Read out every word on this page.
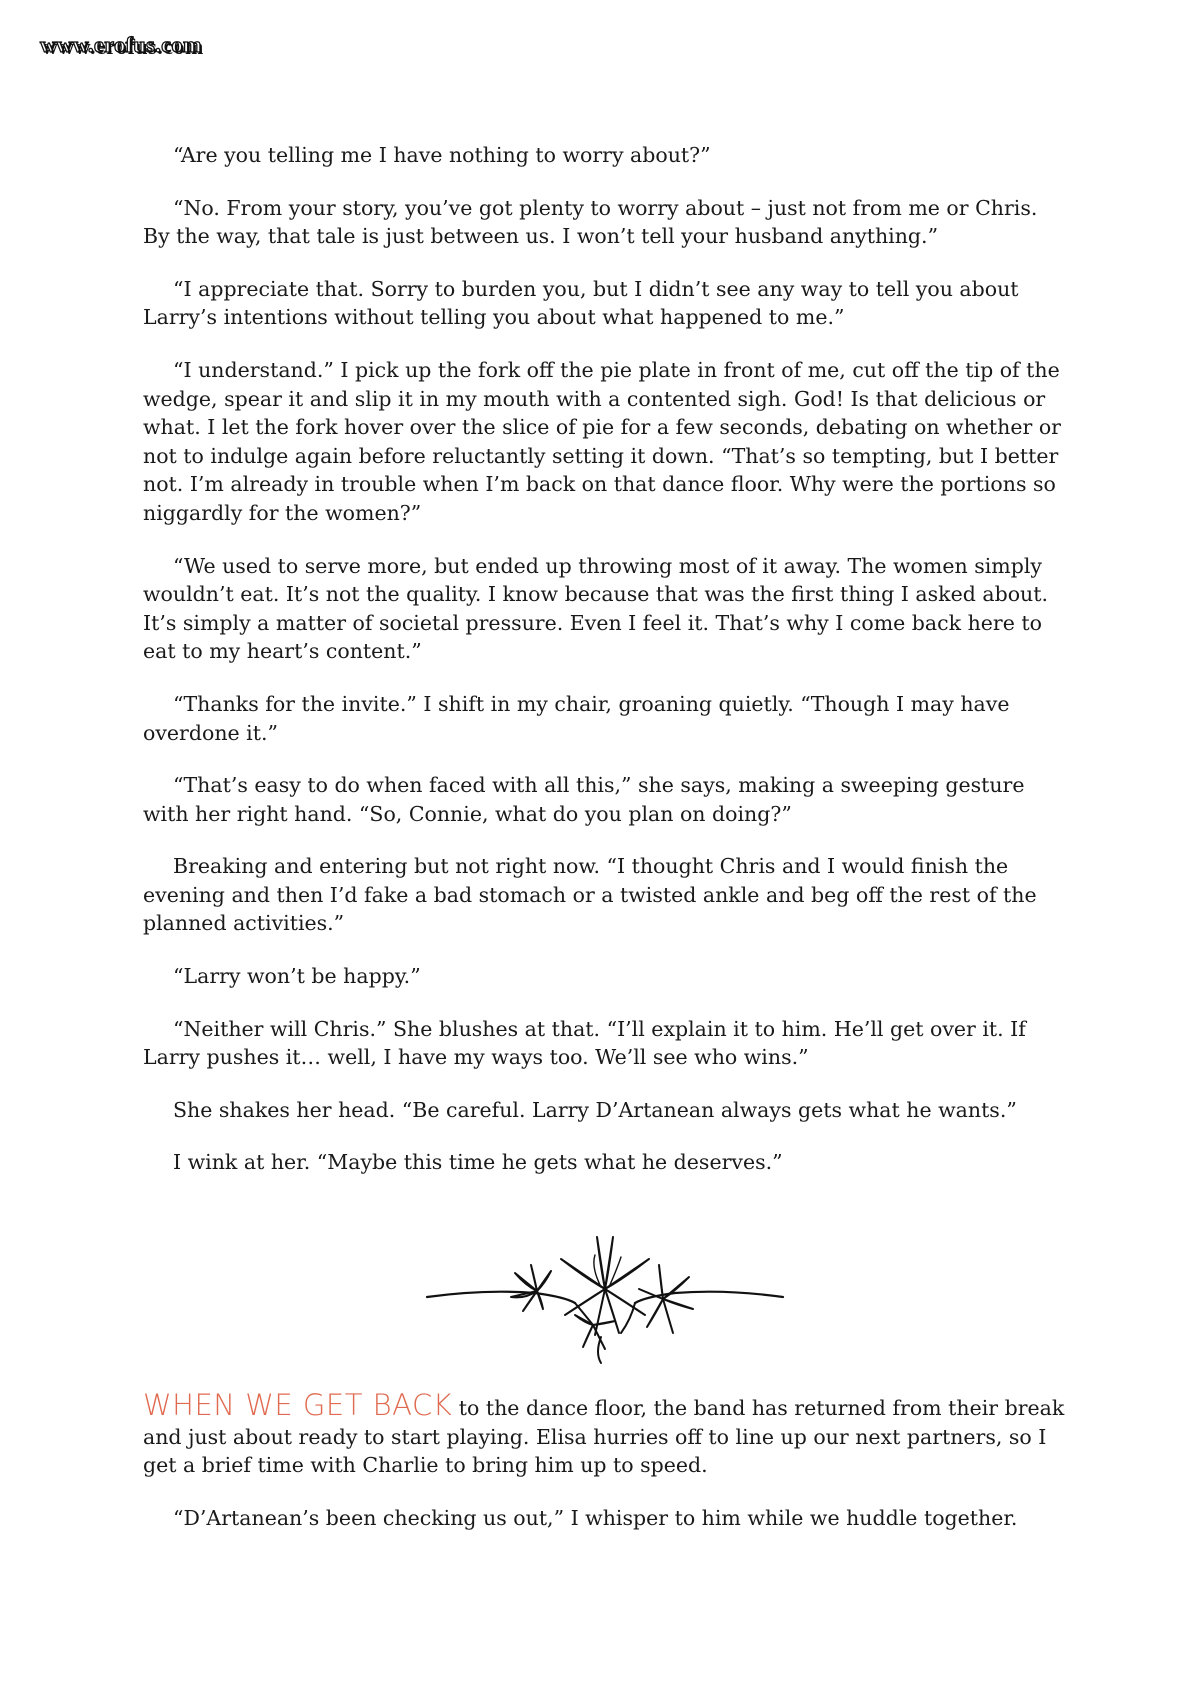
www.erofus.com

“Are you telling me I have nothing to worry about?”

“No. From your story, you’ve got plenty to worry about – just not from me or Chris. By the way, that tale is just between us. I won’t tell your husband anything.”

“I appreciate that. Sorry to burden you, but I didn’t see any way to tell you about Larry’s intentions without telling you about what happened to me.”

“I understand.” I pick up the fork off the pie plate in front of me, cut off the tip of the wedge, spear it and slip it in my mouth with a contented sigh. God! Is that delicious or what. I let the fork hover over the slice of pie for a few seconds, debating on whether or not to indulge again before reluctantly setting it down. “That’s so tempting, but I better not. I’m already in trouble when I’m back on that dance floor. Why were the portions so niggardly for the women?”

“We used to serve more, but ended up throwing most of it away. The women simply wouldn’t eat. It’s not the quality. I know because that was the first thing I asked about. It’s simply a matter of societal pressure. Even I feel it. That’s why I come back here to eat to my heart’s content.”

“Thanks for the invite.” I shift in my chair, groaning quietly. “Though I may have overdone it.”

“That’s easy to do when faced with all this,” she says, making a sweeping gesture with her right hand. “So, Connie, what do you plan on doing?”

Breaking and entering but not right now. “I thought Chris and I would finish the evening and then I’d fake a bad stomach or a twisted ankle and beg off the rest of the planned activities.”

“Larry won’t be happy.”

“Neither will Chris.” She blushes at that. “I’ll explain it to him. He’ll get over it. If Larry pushes it… well, I have my ways too. We’ll see who wins.”

She shakes her head. “Be careful. Larry D’Artanean always gets what he wants.”

I wink at her. “Maybe this time he gets what he deserves.”

WHEN WE GET BACK to the dance floor, the band has returned from their break and just about ready to start playing. Elisa hurries off to line up our next partners, so I get a brief time with Charlie to bring him up to speed.

“D’Artanean’s been checking us out,” I whisper to him while we huddle together.
